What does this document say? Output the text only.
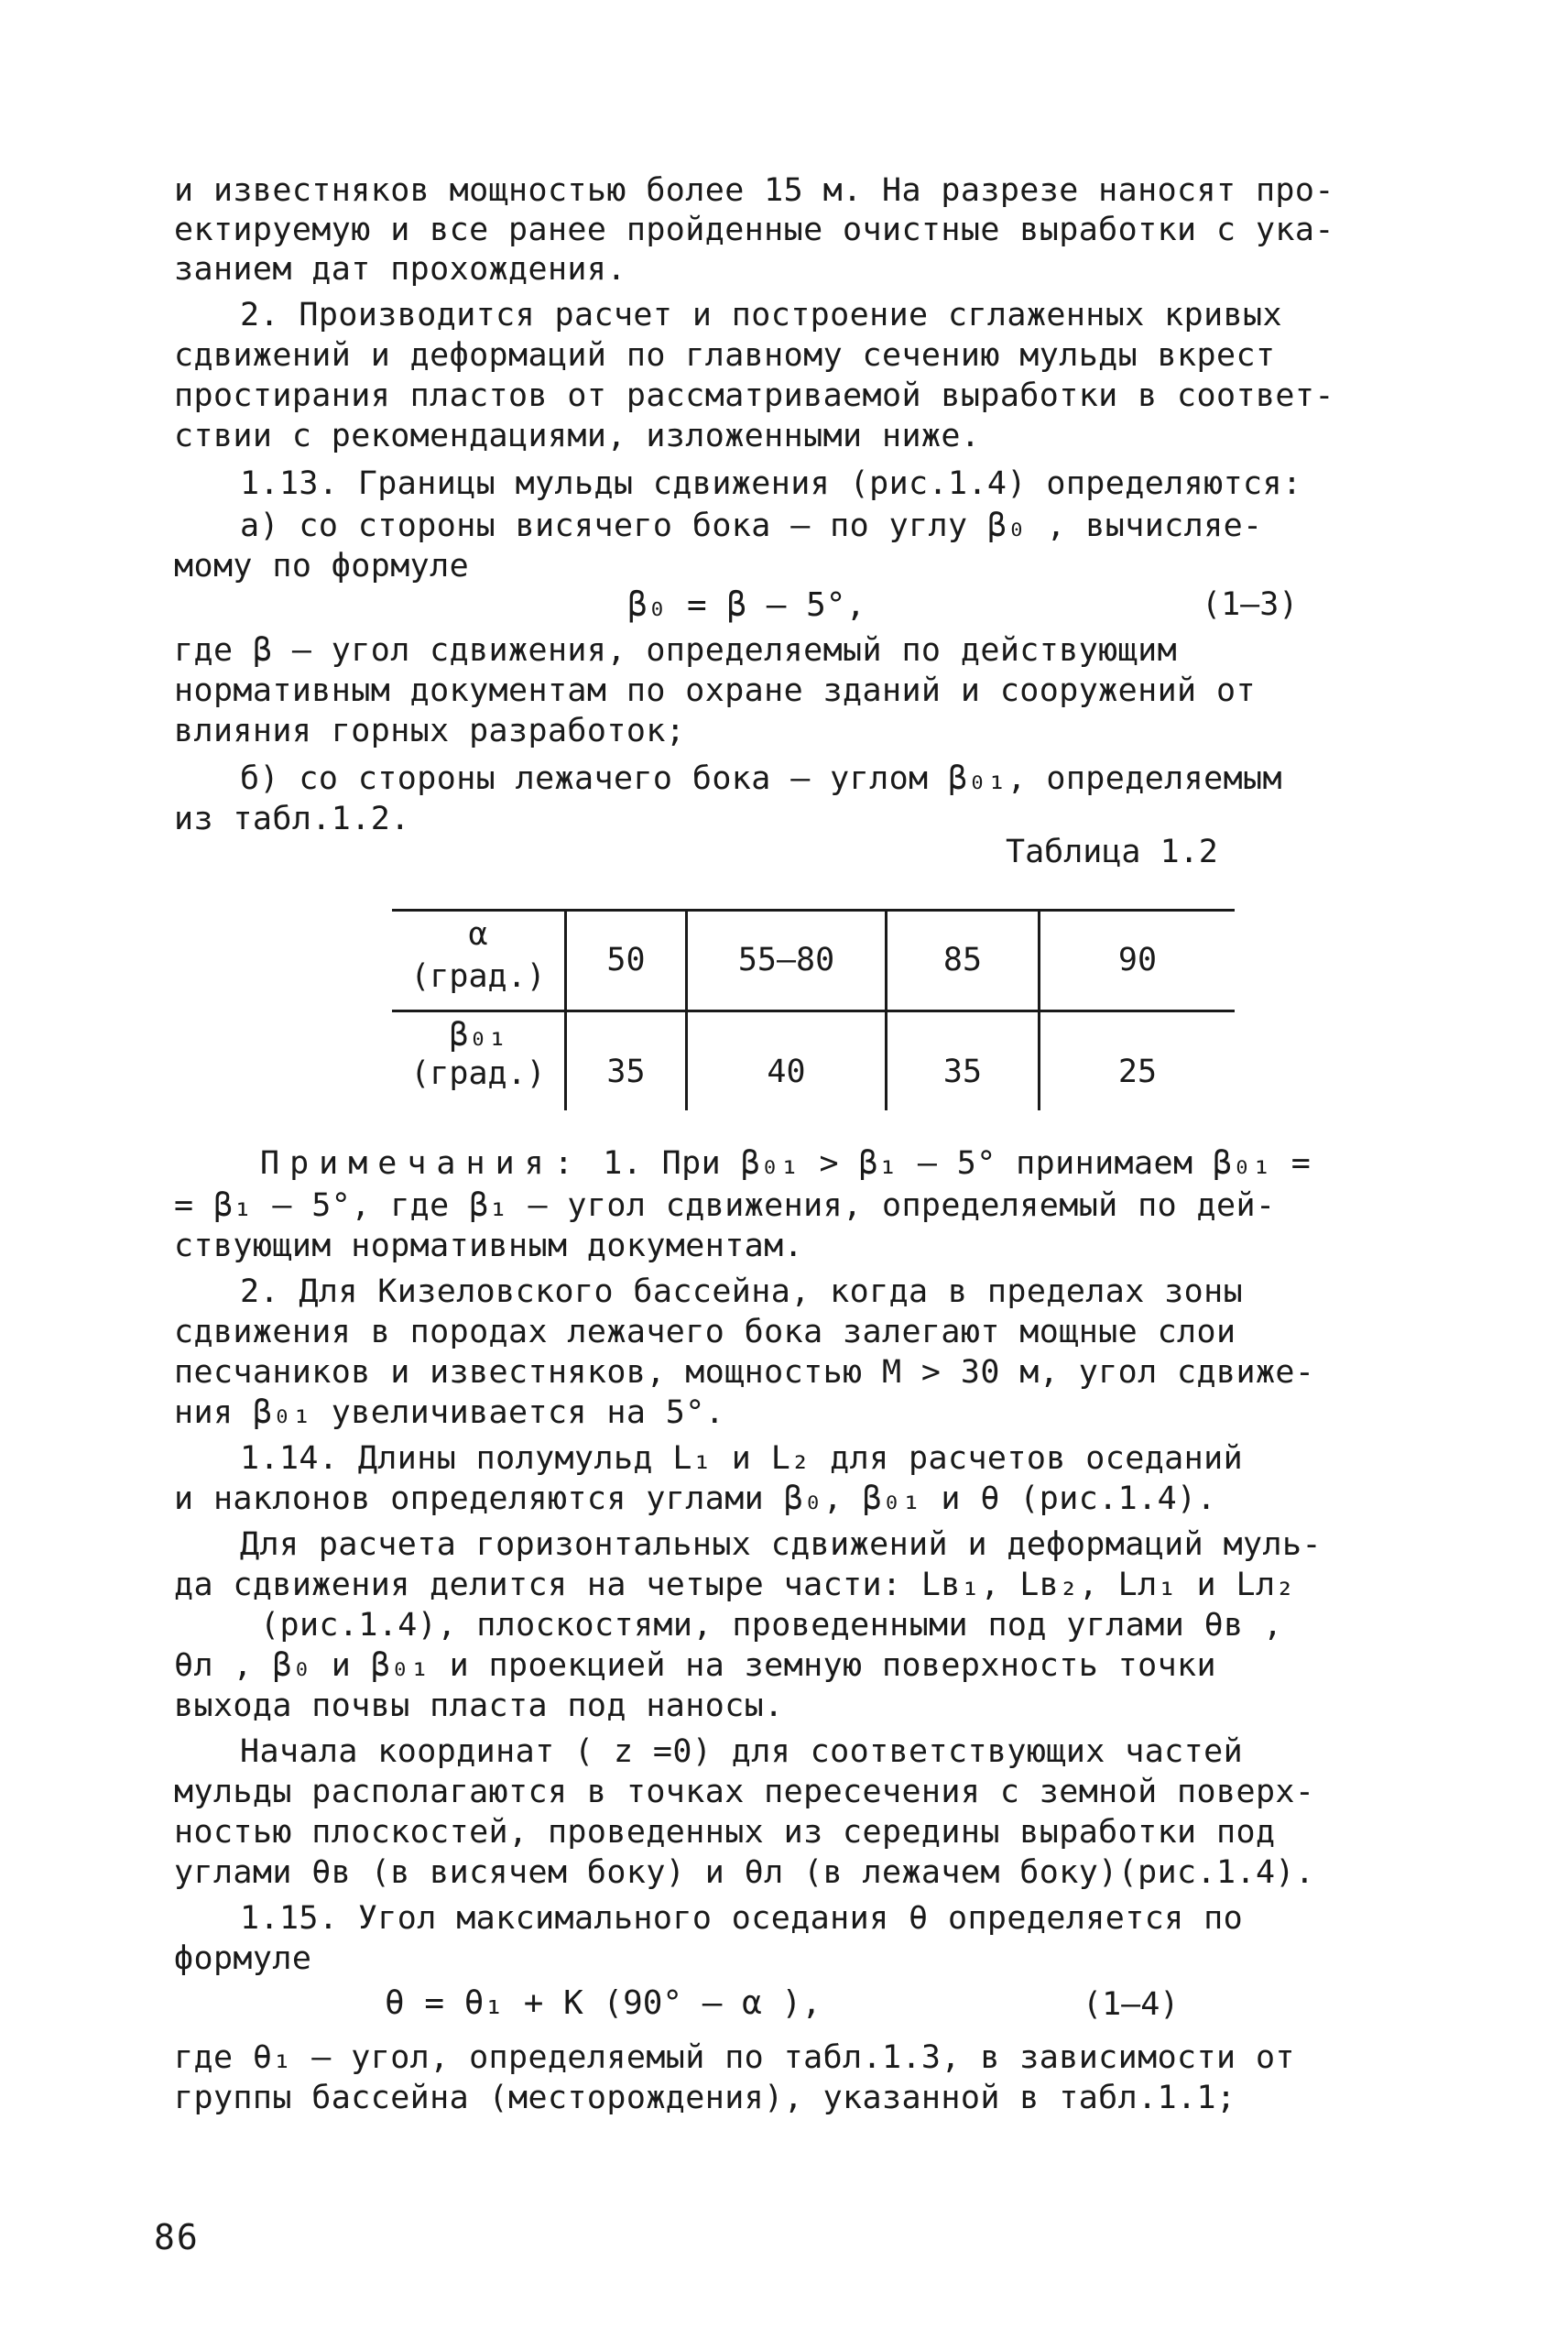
и известняков мощностью более 15 м. На разрезе наносят про-
ектируемую и все ранее пройденные очистные выработки с ука-
занием дат прохождения.
2. Производится расчет и построение сглаженных кривых
сдвижений и деформаций по главному сечению мульды вкрест
простирания пластов от рассматриваемой выработки в соответ-
ствии с рекомендациями, изложенными ниже.
1.13. Границы мульды сдвижения (рис.1.4) определяются:
а) со стороны висячего бока – по углу β₀ , вычисляе-
мому по формуле
β₀ = β – 5°,	(1–3)
где β – угол сдвижения, определяемый по действующим
нормативным документам по охране зданий и сооружений от
влияния горных разработок;
б) со стороны лежачего бока – углом β₀₁, определяемым
из табл.1.2.
Таблица 1.2
α
(град.)	50	55–80	85	90
β₀₁
(град.)	35	40	35	25
Примечания: 1. При β₀₁ > β₁ – 5° принимаем β₀₁ =
= β₁ – 5°, где β₁ – угол сдвижения, определяемый по дей-
ствующим нормативным документам.
2. Для Кизеловского бассейна, когда в пределах зоны
сдвижения в породах лежачего бока залегают мощные слои
песчаников и известняков, мощностью M > 30 м, угол сдвиже-
ния β₀₁ увеличивается на 5°.
1.14. Длины полумульд L₁ и L₂ для расчетов оседаний
и наклонов определяются углами β₀, β₀₁ и θ (рис.1.4).
Для расчета горизонтальных сдвижений и деформаций муль-
да сдвижения делится на четыре части: Lв₁, Lв₂, Lл₁ и Lл₂
(рис.1.4), плоскостями, проведенными под углами θв ,
θл , β₀ и β₀₁ и проекцией на земную поверхность точки
выхода почвы пласта под наносы.
Начала координат ( z =0) для соответствующих частей
мульды располагаются в точках пересечения с земной поверх-
ностью плоскостей, проведенных из середины выработки под
углами θв (в висячем боку) и θл (в лежачем боку)(рис.1.4).
1.15. Угол максимального оседания θ определяется по
формуле
θ = θ₁ + K (90° – α ),	(1–4)
где θ₁ – угол, определяемый по табл.1.3, в зависимости от
группы бассейна (месторождения), указанной в табл.1.1;
86
